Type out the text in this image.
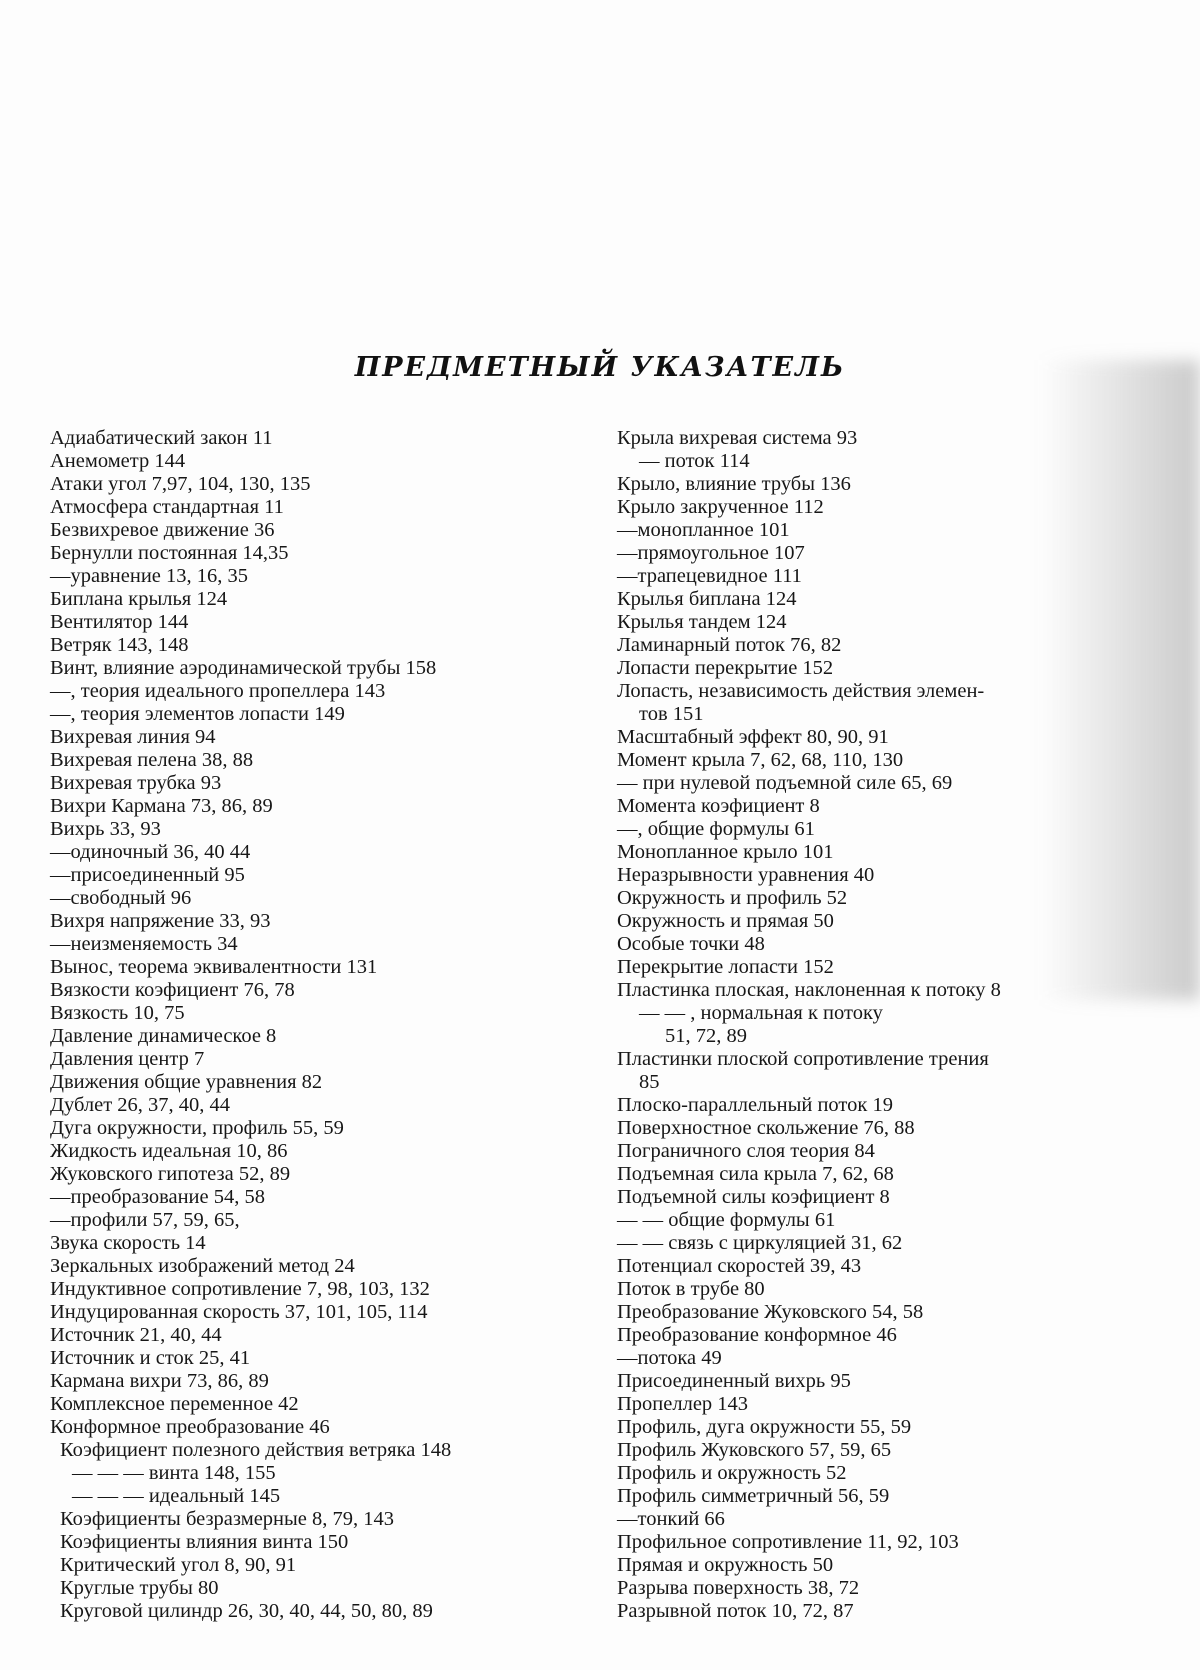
ПРЕДМЕТНЫЙ УКАЗАТЕЛЬ
Адиабатический закон 11
Анемометр 144
Атаки угол 7,97, 104, 130, 135
Атмосфера стандартная 11
Безвихревое движение 36
Бернулли постоянная 14,35
—уравнение 13, 16, 35
Биплана крылья 124
Вентилятор 144
Ветряк 143, 148
Винт, влияние аэродинамической трубы 158
—, теория идеального пропеллера 143
—, теория элементов лопасти 149
Вихревая линия 94
Вихревая пелена 38, 88
Вихревая трубка 93
Вихри Кармана 73, 86, 89
Вихрь 33, 93
—одиночный 36, 40 44
—присоединенный 95
—свободный 96
Вихря напряжение 33, 93
—неизменяемость 34
Вынос, теорема эквивалентности 131
Вязкости коэфициент 76, 78
Вязкость 10, 75
Давление динамическое 8
Давления центр 7
Движения общие уравнения 82
Дублет 26, 37, 40, 44
Дуга окружности, профиль 55, 59
Жидкость идеальная 10, 86
Жуковского гипотеза 52, 89
—преобразование 54, 58
—профили 57, 59, 65,
Звука скорость 14
Зеркальных изображений метод 24
Индуктивное сопротивление 7, 98, 103, 132
Индуцированная скорость 37, 101, 105, 114
Источник 21, 40, 44
Источник и сток 25, 41
Кармана вихри 73, 86, 89
Комплексное переменное 42
Конформное преобразование 46
Коэфициент полезного действия ветряка 148
— — — винта 148, 155
— — — идеальный 145
Коэфициенты безразмерные 8, 79, 143
Коэфициенты влияния винта 150
Критический угол 8, 90, 91
Круглые трубы 80
Круговой цилиндр 26, 30, 40, 44, 50, 80, 89
Крыла вихревая система 93
— поток 114
Крыло, влияние трубы 136
Крыло закрученное 112
—монопланное 101
—прямоугольное 107
—трапецевидное 111
Крылья биплана 124
Крылья тандем 124
Ламинарный поток 76, 82
Лопасти перекрытие 152
Лопасть, независимость действия элемен-
тов 151
Масштабный эффект 80, 90, 91
Момент крыла 7, 62, 68, 110, 130
— при нулевой подъемной силе 65, 69
Момента коэфициент 8
—, общие формулы 61
Монопланное крыло 101
Неразрывности уравнения 40
Окружность и профиль 52
Окружность и прямая 50
Особые точки 48
Перекрытие лопасти 152
Пластинка плоская, наклоненная к потоку 8
— — , нормальная к потоку
51, 72, 89
Пластинки плоской сопротивление трения
85
Плоско-параллельный поток 19
Поверхностное скольжение 76, 88
Пограничного слоя теория 84
Подъемная сила крыла 7, 62, 68
Подъемной силы коэфициент 8
— — общие формулы 61
— — связь с циркуляцией 31, 62
Потенциал скоростей 39, 43
Поток в трубе 80
Преобразование Жуковского 54, 58
Преобразование конформное 46
—потока 49
Присоединенный вихрь 95
Пропеллер 143
Профиль, дуга окружности 55, 59
Профиль Жуковского 57, 59, 65
Профиль и окружность 52
Профиль симметричный 56, 59
—тонкий 66
Профильное сопротивление 11, 92, 103
Прямая и окружность 50
Разрыва поверхность 38, 72
Разрывной поток 10, 72, 87
